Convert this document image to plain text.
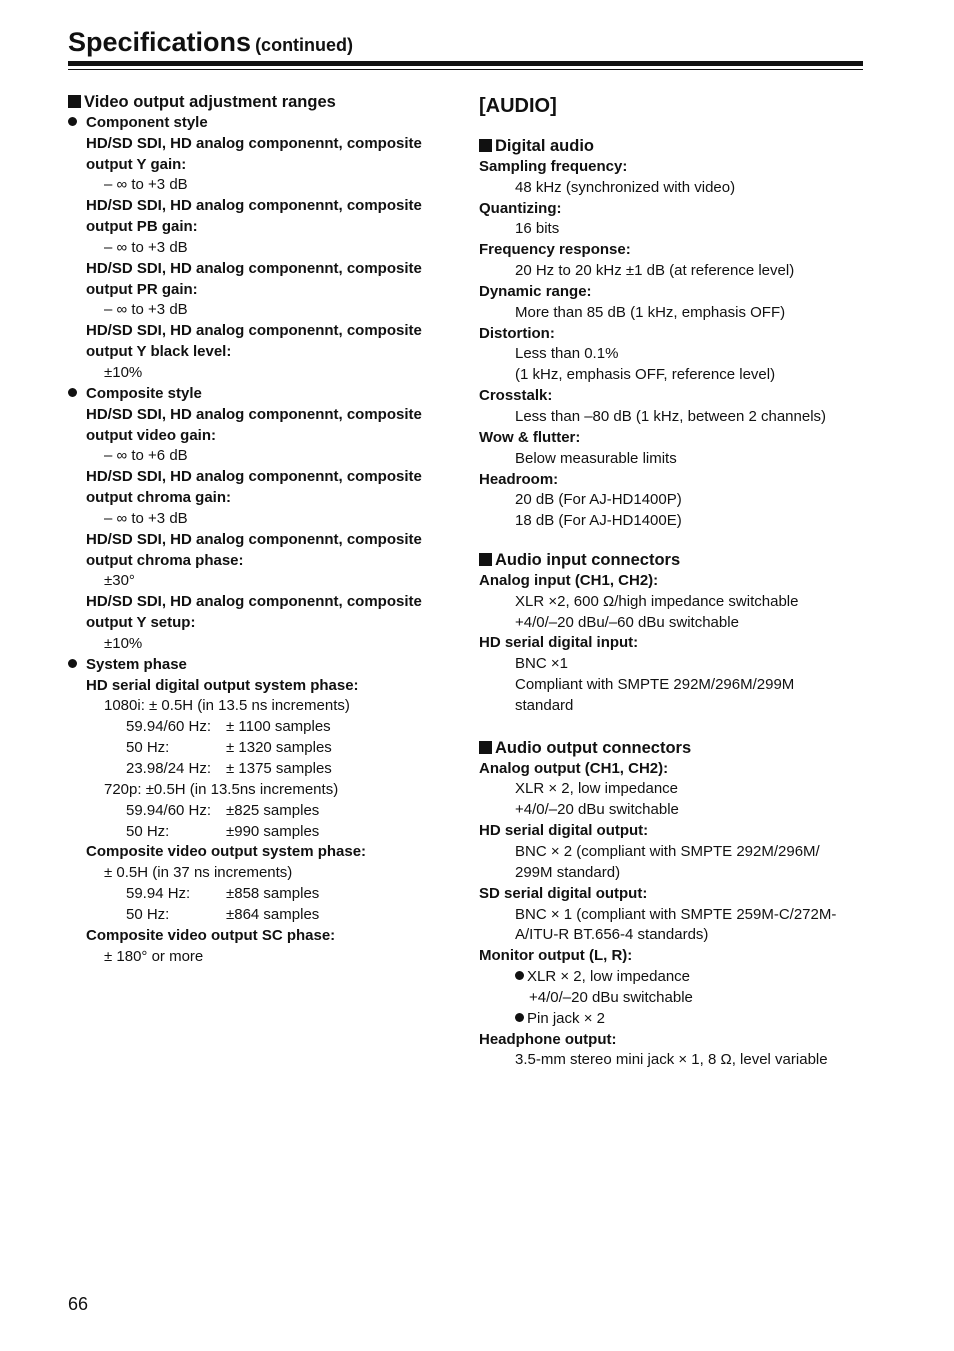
Specifications (continued)
Video output adjustment ranges
Component style
HD/SD SDI, HD analog componennt, composite
output Y gain:
– ∞ to +3 dB
HD/SD SDI, HD analog componennt, composite
output PB gain:
– ∞ to +3 dB
HD/SD SDI, HD analog componennt, composite
output PR gain:
– ∞ to +3 dB
HD/SD SDI, HD analog componennt, composite
output Y black level:
±10%
Composite style
HD/SD SDI, HD analog componennt, composite
output video gain:
– ∞ to +6 dB
HD/SD SDI, HD analog componennt, composite
output chroma gain:
– ∞ to +3 dB
HD/SD SDI, HD analog componennt, composite
output chroma phase:
±30°
HD/SD SDI, HD analog componennt, composite
output Y setup:
±10%
System phase
HD serial digital output system phase:
1080i: ± 0.5H (in 13.5 ns increments)
59.94/60 Hz: ± 1100 samples
50 Hz:	± 1320 samples
23.98/24 Hz: ± 1375 samples
720p: ±0.5H (in 13.5ns increments)
59.94/60 Hz: ±825 samples
50 Hz:	±990 samples
Composite video output system phase:
± 0.5H (in 37 ns increments)
59.94 Hz: ±858 samples
50 Hz:	±864 samples
Composite video output SC phase:
± 180° or more
[AUDIO]
Digital audio
Sampling frequency:
48 kHz (synchronized with video)
Quantizing:
16 bits
Frequency response:
20 Hz to 20 kHz ±1 dB (at reference level)
Dynamic range:
More than 85 dB (1 kHz, emphasis OFF)
Distortion:
Less than 0.1%
(1 kHz, emphasis OFF, reference level)
Crosstalk:
Less than –80 dB (1 kHz, between 2 channels)
Wow & flutter:
Below measurable limits
Headroom:
20 dB (For AJ-HD1400P)
18 dB (For AJ-HD1400E)
Audio input connectors
Analog input (CH1, CH2):
XLR ×2, 600 Ω/high impedance switchable
+4/0/–20 dBu/–60 dBu switchable
HD serial digital input:
BNC ×1
Compliant with SMPTE 292M/296M/299M
standard
Audio output connectors
Analog output (CH1, CH2):
XLR × 2, low impedance
+4/0/–20 dBu switchable
HD serial digital output:
BNC × 2 (compliant with SMPTE 292M/296M/
299M standard)
SD serial digital output:
BNC × 1 (compliant with SMPTE 259M-C/272M-
A/ITU-R BT.656-4 standards)
Monitor output (L, R):
XLR × 2, low impedance
+4/0/–20 dBu switchable
Pin jack × 2
Headphone output:
3.5-mm stereo mini jack × 1, 8 Ω, level variable
66
